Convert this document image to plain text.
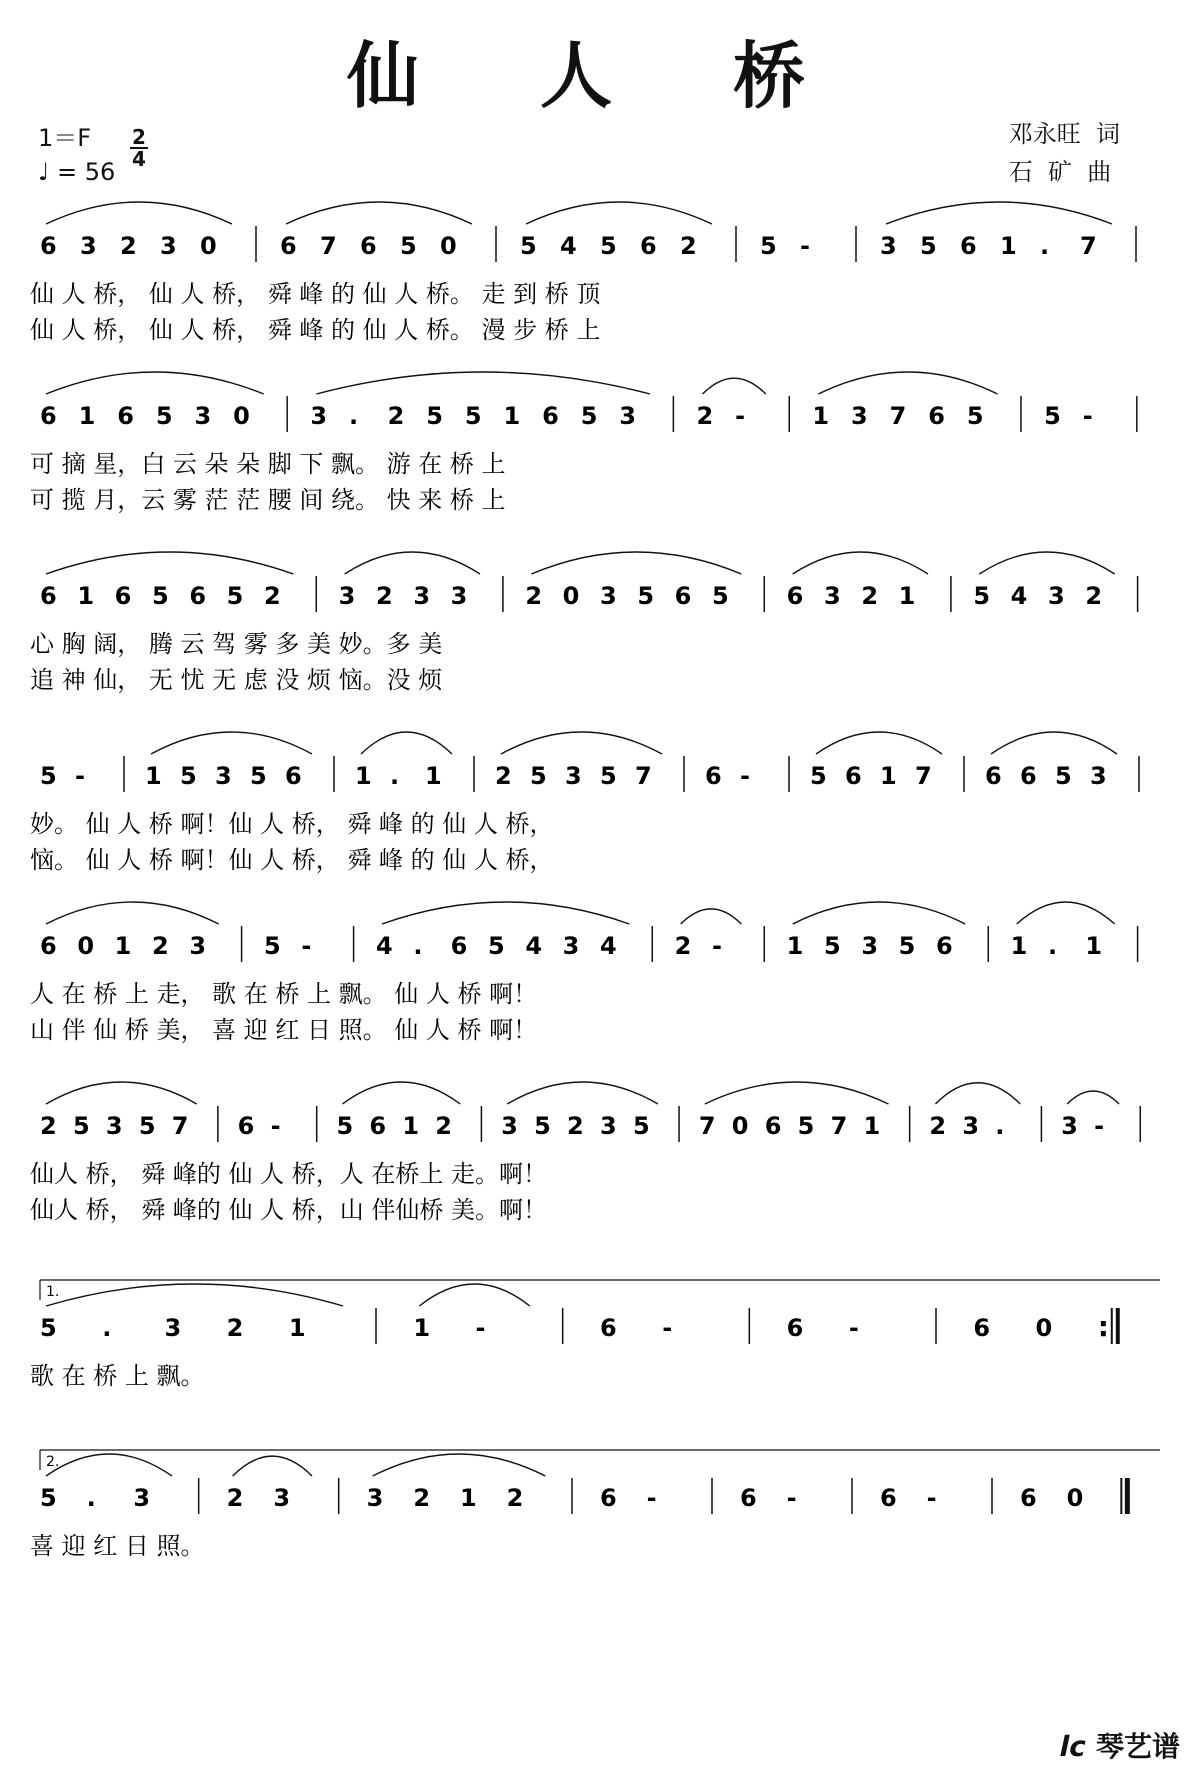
仙 人 桥
1＝F 2
4
♩ = 56
邓永旺  词
石  矿  曲
6 3 2 3 0	6 7 6 5 0	5 4 5 6 2	5 -	3 5 6 1 . 7
仙 人 桥， 仙 人 桥， 舜 峰 的 仙 人 桥。 走 到 桥 顶
仙 人 桥， 仙 人 桥， 舜 峰 的 仙 人 桥。 漫 步 桥 上
6 1 6 5 3 0	3 . 2 5 5 1 6 5 3	2 -	1 3 7 6 5	5 -
可 摘 星，白 云 朵 朵 脚 下 飘。 游 在 桥 上
可 揽 月，云 雾 茫 茫 腰 间 绕。 快 来 桥 上
6 1 6 5 6 5 2 3 2 3 3 2 0 3 5 6 5 6 3 2 1 5 4 3 2
心 胸 阔， 腾 云 驾 雾 多 美 妙。多 美
追 神 仙， 无 忧 无 虑 没 烦 恼。没 烦
5 -	1 5 3 5 6 1 . 1 2 5 3 5 7 6 -	5 6 1 7 6 6 5 3
妙。 仙 人 桥 啊！仙 人 桥， 舜 峰 的 仙 人 桥，
恼。 仙 人 桥 啊！仙 人 桥， 舜 峰 的 仙 人 桥，
6 0 1 2 3 5 -	4 . 6 5 4 3 4 2 -	1 5 3 5 6 1 . 1
人 在 桥 上 走， 歌 在 桥 上 飘。 仙 人 桥 啊！
山 伴 仙 桥 美， 喜 迎 红 日 照。 仙 人 桥 啊！
2 5 3 5 7 6 - 5 6 1 2 3 5 2 3 5 7 0 6 5 7 1 2 3 . 3 -
仙人 桥， 舜 峰的 仙 人 桥，人 在桥上 走。啊！
仙人 桥， 舜 峰的 仙 人 桥，山 伴仙桥 美。啊！
1.
5 . 3 2 1	1 -	6 -	6 -	6 0 :
歌 在 桥 上 飘。
2.
5 . 3	2 3	3 2 1 2	6 -	6 -	6 -	6 0
喜 迎 红 日 照。
lc 琴艺谱
